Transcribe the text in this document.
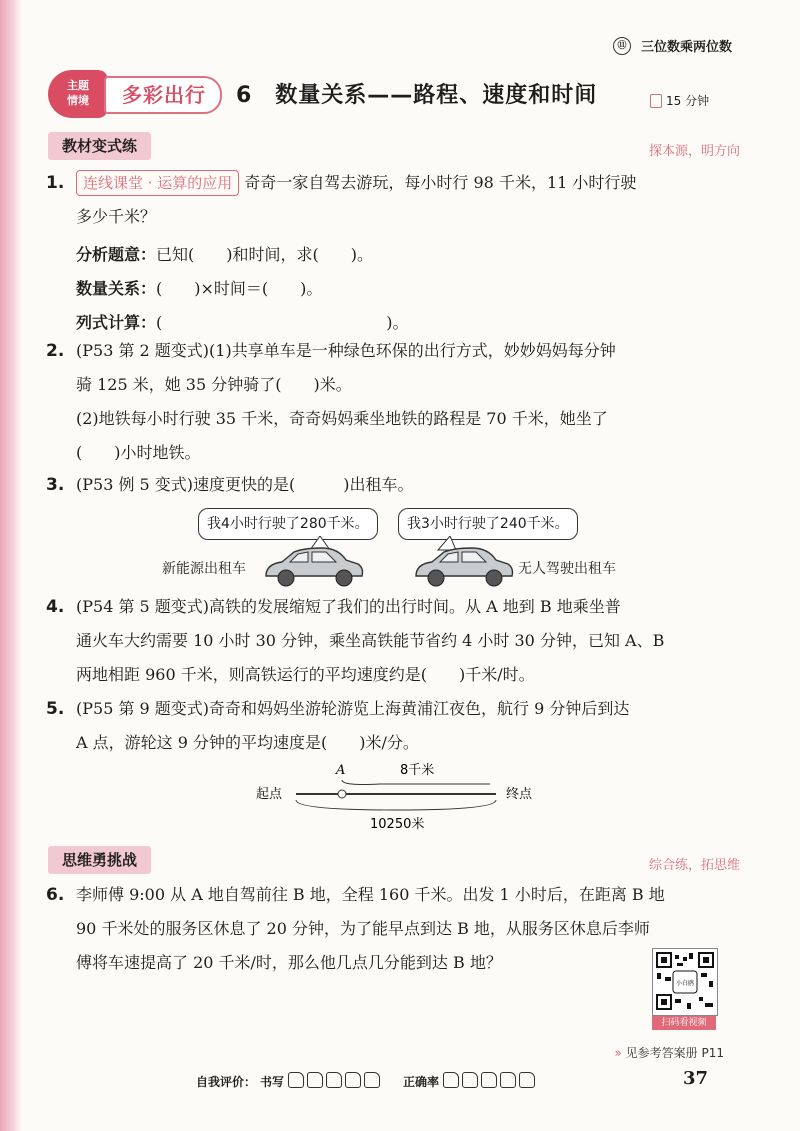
⑪	三位数乘两位数
主题
情境	多彩出行	6　数量关系——路程、速度和时间	15 分钟
教材变式练	探本源，明方向
1.	连线课堂 · 运算的应用 奇奇一家自驾去游玩，每小时行 98 千米，11 小时行驶
多少千米？
分析题意：已知(　　)和时间，求(　　)。
数量关系：(　　)×时间＝(　　)。
列式计算：(　　　　　　　　　　　　　　)。
2. (P53 第 2 题变式)(1)共享单车是一种绿色环保的出行方式，妙妙妈妈每分钟
骑 125 米，她 35 分钟骑了(　　)米。
(2)地铁每小时行驶 35 千米，奇奇妈妈乘坐地铁的路程是 70 千米，她坐了
(　　)小时地铁。
3. (P53 例 5 变式)速度更快的是(　　　)出租车。
我4小时行驶了280千米。	我3小时行驶了240千米。
新能源出租车	无人驾驶出租车
4. (P54 第 5 题变式)高铁的发展缩短了我们的出行时间。从 A 地到 B 地乘坐普
通火车大约需要 10 小时 30 分钟，乘坐高铁能节省约 4 小时 30 分钟，已知 A、B
两地相距 960 千米，则高铁运行的平均速度约是(　　)千米/时。
5. (P55 第 9 题变式)奇奇和妈妈坐游轮游览上海黄浦江夜色，航行 9 分钟后到达
A 点，游轮这 9 分钟的平均速度是(　　)米/分。
A	8千米
起点	终点
10250米
思维勇挑战	综合练，拓思维
6. 李师傅 9:00 从 A 地自驾前往 B 地，全程 160 千米。出发 1 小时后，在距离 B 地
90 千米处的服务区休息了 20 分钟，为了能早点到达 B 地，从服务区休息后李师
傅将车速提高了 20 千米/时，那么他几点几分能到达 B 地？
小白鸥
扫码看视频
» 见参考答案册 P11
自我评价： 书写	正确率	37
